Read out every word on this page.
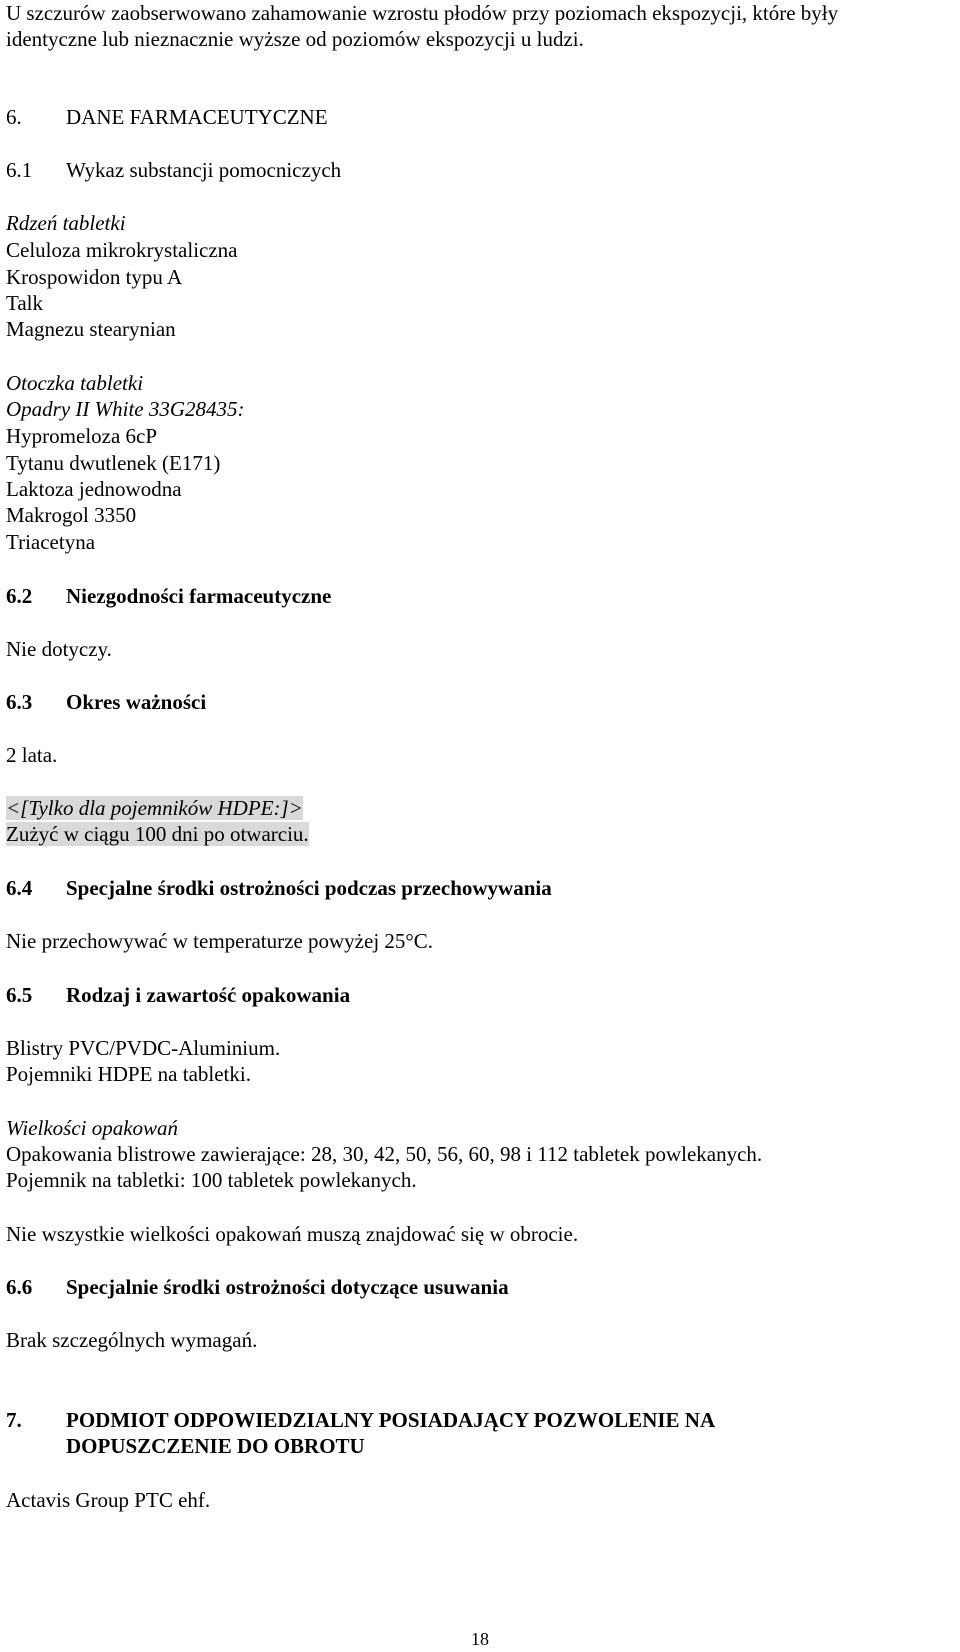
U szczurów zaobserwowano zahamowanie wzrostu płodów przy poziomach ekspozycji, które były
identyczne lub nieznacznie wyższe od poziomów ekspozycji u ludzi.
6. DANE FARMACEUTYCZNE
6.1 Wykaz substancji pomocniczych
Rdzeń tabletki
Celuloza mikrokrystaliczna
Krospowidon typu A
Talk
Magnezu stearynian
Otoczka tabletki
Opadry II White 33G28435:
Hypromeloza 6cP
Tytanu dwutlenek (E171)
Laktoza jednowodna
Makrogol 3350
Triacetyna
6.2 Niezgodności farmaceutyczne
Nie dotyczy.
6.3 Okres ważności
2 lata.
<[Tylko dla pojemników HDPE:]>
Zużyć w ciągu 100 dni po otwarciu.
6.4 Specjalne środki ostrożności podczas przechowywania
Nie przechowywać w temperaturze powyżej 25°C.
6.5 Rodzaj i zawartość opakowania
Blistry PVC/PVDC-Aluminium.
Pojemniki HDPE na tabletki.
Wielkości opakowań
Opakowania blistrowe zawierające: 28, 30, 42, 50, 56, 60, 98 i 112 tabletek powlekanych.
Pojemnik na tabletki: 100 tabletek powlekanych.
Nie wszystkie wielkości opakowań muszą znajdować się w obrocie.
6.6 Specjalnie środki ostrożności dotyczące usuwania
Brak szczególnych wymagań.
7. PODMIOT ODPOWIEDZIALNY POSIADAJĄCY POZWOLENIE NA
DOPUSZCZENIE DO OBROTU
Actavis Group PTC ehf.
18
